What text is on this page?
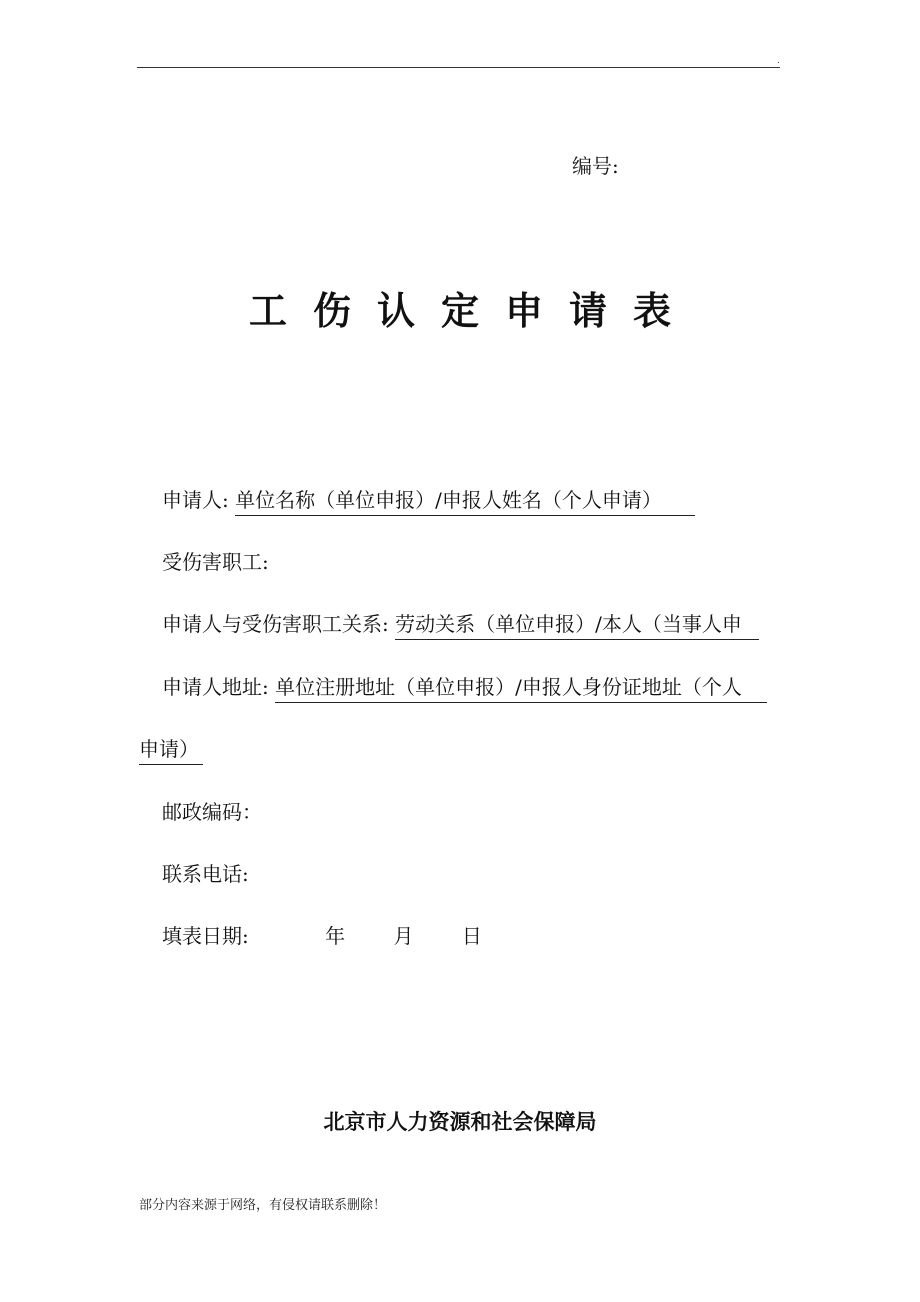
.
编号:
工伤认定申请表
申请人: 单位名称（单位申报）/申报人姓名（个人申请）
受伤害职工:
申请人与受伤害职工关系: 劳动关系（单位申报）/本人（当事人申
申请人地址: 单位注册地址（单位申报）/申报人身份证地址（个人
申请）
邮政编码：
联系电话:
填表日期:	年 月 日
北京市人力资源和社会保障局
部分内容来源于网络，有侵权请联系删除！
